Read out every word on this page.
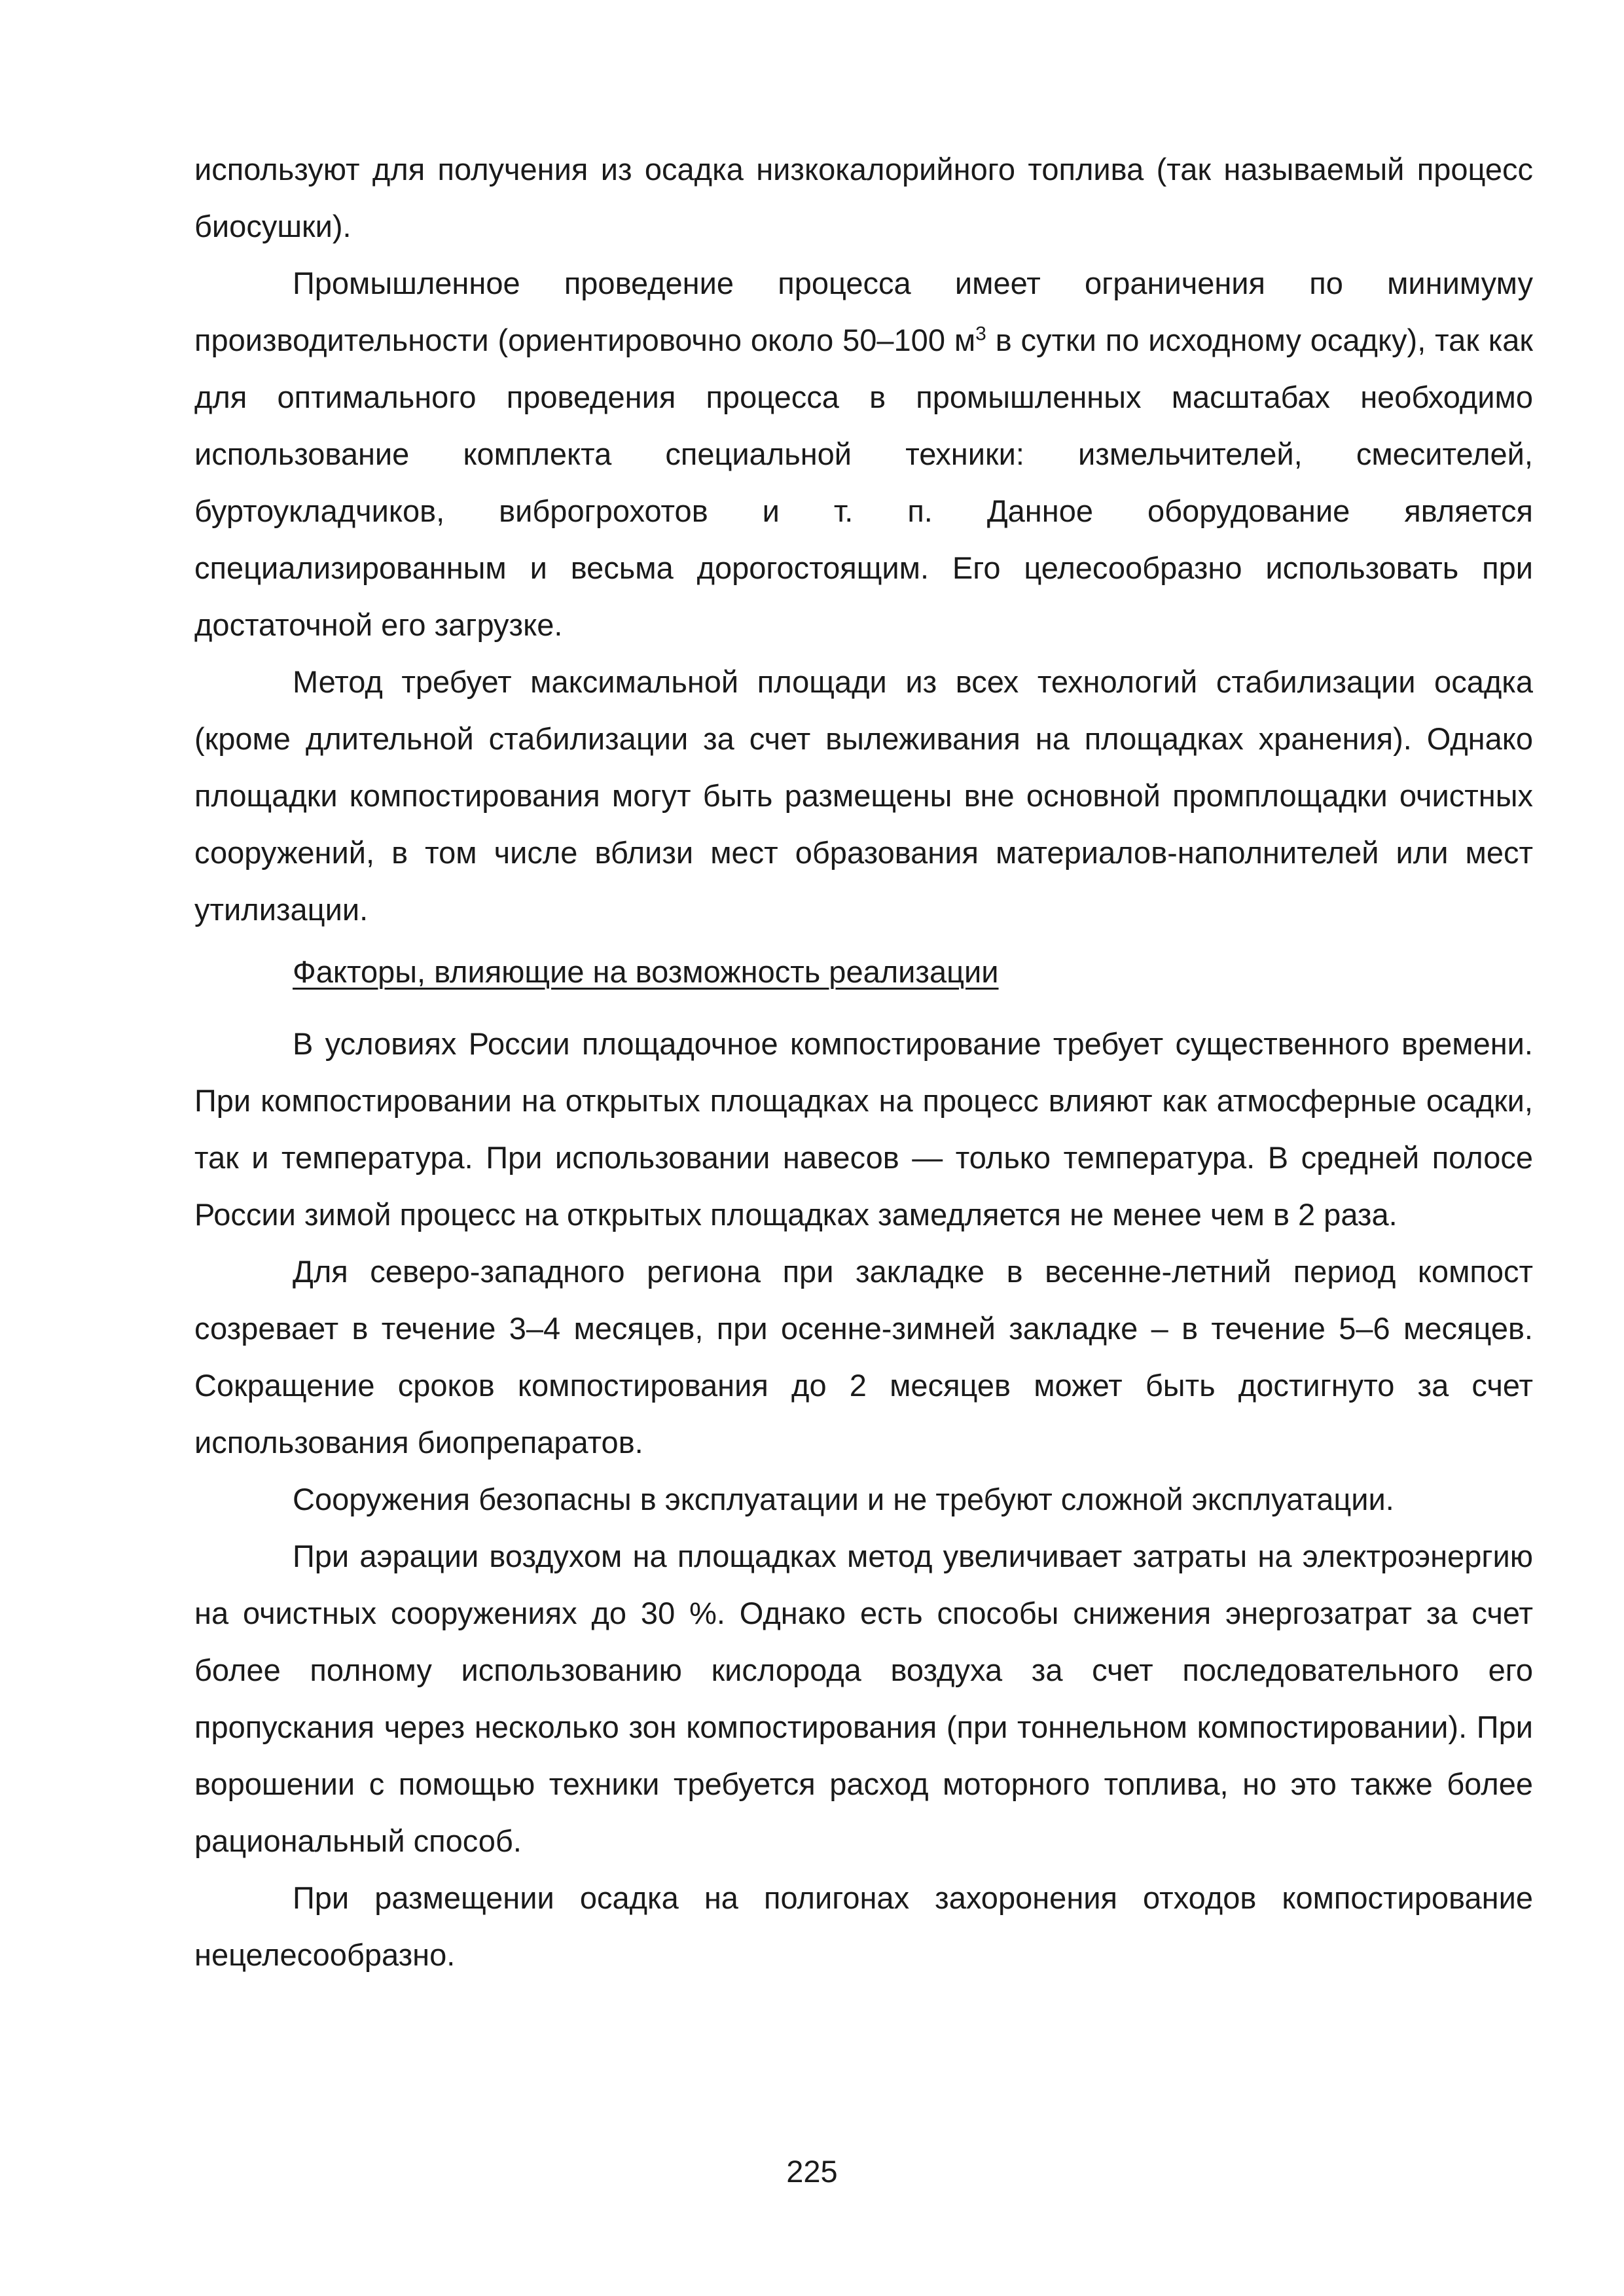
используют для получения из осадка низкокалорийного топлива (так называемый процесс биосушки).

Промышленное проведение процесса имеет ограничения по минимуму производительности (ориентировочно около 50–100 $м^3$ в сутки по исходному осадку), так как для оптимального проведения процесса в промышленных масштабах необходимо использование комплекта специальной техники: измельчителей, смесителей, буртоукладчиков, виброгрохотов и т. п. Данное оборудование является специализированным и весьма дорогостоящим. Его целесообразно использовать при достаточной его загрузке.

Метод требует максимальной площади из всех технологий стабилизации осадка (кроме длительной стабилизации за счет вылеживания на площадках хранения). Однако площадки компостирования могут быть размещены вне основной промплощадки очистных сооружений, в том числе вблизи мест образования материалов-наполнителей или мест утилизации.

Факторы, влияющие на возможность реализации

В условиях России площадочное компостирование требует существенного времени. При компостировании на открытых площадках на процесс влияют как атмосферные осадки, так и температура. При использовании навесов — только температура. В средней полосе России зимой процесс на открытых площадках замедляется не менее чем в 2 раза.

Для северо-западного региона при закладке в весенне-летний период компост созревает в течение 3–4 месяцев, при осенне-зимней закладке – в течение 5–6 месяцев. Сокращение сроков компостирования до 2 месяцев может быть достигнуто за счет использования биопрепаратов.

Сооружения безопасны в эксплуатации и не требуют сложной эксплуатации.

При аэрации воздухом на площадках метод увеличивает затраты на электроэнергию на очистных сооружениях до 30 %. Однако есть способы снижения энергозатрат за счет более полному использованию кислорода воздуха за счет последовательного его пропускания через несколько зон компостирования (при тоннельном компостировании). При ворошении с помощью техники требуется расход моторного топлива, но это также более рациональный способ.

При размещении осадка на полигонах захоронения отходов компостирование нецелесообразно.

225
